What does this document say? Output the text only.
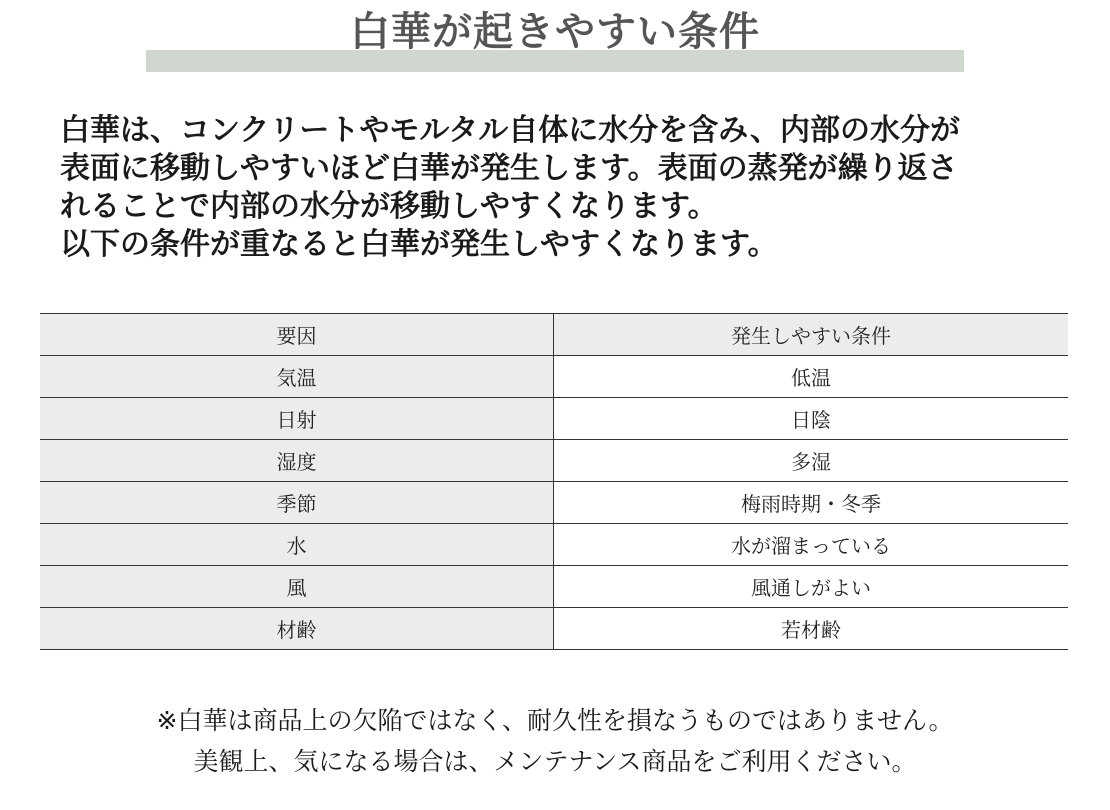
白華が起きやすい条件

白華は、コンクリートやモルタル自体に水分を含み、内部の水分が

表面に移動しやすいほど白華が発生します。表面の蒸発が繰り返さ

れることで内部の水分が移動しやすくなります。

以下の条件が重なると白華が発生しやすくなります。

要因	発生しやすい条件
気温	低温
日射	日陰
湿度	多湿
季節	梅雨時期・冬季
水	水が溜まっている
風	風通しがよい
材齢	若材齢

※白華は商品上の欠陥ではなく、耐久性を損なうものではありません。

美観上、気になる場合は、メンテナンス商品をご利用ください。
